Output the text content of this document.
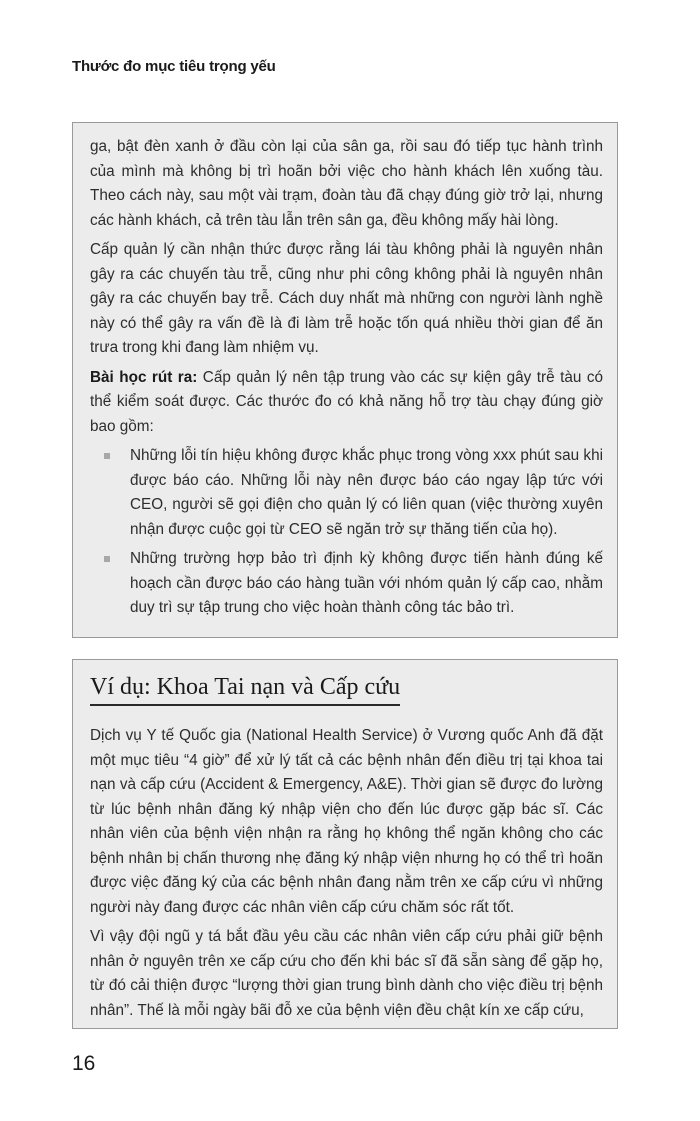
Thước đo mục tiêu trọng yếu

ga, bật đèn xanh ở đầu còn lại của sân ga, rồi sau đó tiếp tục hành trình của mình mà không bị trì hoãn bởi việc cho hành khách lên xuống tàu. Theo cách này, sau một vài trạm, đoàn tàu đã chạy đúng giờ trở lại, nhưng các hành khách, cả trên tàu lẫn trên sân ga, đều không mấy hài lòng.

Cấp quản lý cần nhận thức được rằng lái tàu không phải là nguyên nhân gây ra các chuyến tàu trễ, cũng như phi công không phải là nguyên nhân gây ra các chuyến bay trễ. Cách duy nhất mà những con người lành nghề này có thể gây ra vấn đề là đi làm trễ hoặc tốn quá nhiều thời gian để ăn trưa trong khi đang làm nhiệm vụ.

Bài học rút ra: Cấp quản lý nên tập trung vào các sự kiện gây trễ tàu có thể kiểm soát được. Các thước đo có khả năng hỗ trợ tàu chạy đúng giờ bao gồm:

Những lỗi tín hiệu không được khắc phục trong vòng xxx phút sau khi được báo cáo. Những lỗi này nên được báo cáo ngay lập tức với CEO, người sẽ gọi điện cho quản lý có liên quan (việc thường xuyên nhận được cuộc gọi từ CEO sẽ ngăn trở sự thăng tiến của họ).
Những trường hợp bảo trì định kỳ không được tiến hành đúng kế hoạch cần được báo cáo hàng tuần với nhóm quản lý cấp cao, nhằm duy trì sự tập trung cho việc hoàn thành công tác bảo trì.
Ví dụ: Khoa Tai nạn và Cấp cứu

Dịch vụ Y tế Quốc gia (National Health Service) ở Vương quốc Anh đã đặt một mục tiêu “4 giờ” để xử lý tất cả các bệnh nhân đến điều trị tại khoa tai nạn và cấp cứu (Accident & Emergency, A&E). Thời gian sẽ được đo lường từ lúc bệnh nhân đăng ký nhập viện cho đến lúc được gặp bác sĩ. Các nhân viên của bệnh viện nhận ra rằng họ không thể ngăn không cho các bệnh nhân bị chấn thương nhẹ đăng ký nhập viện nhưng họ có thể trì hoãn được việc đăng ký của các bệnh nhân đang nằm trên xe cấp cứu vì những người này đang được các nhân viên cấp cứu chăm sóc rất tốt.

Vì vậy đội ngũ y tá bắt đầu yêu cầu các nhân viên cấp cứu phải giữ bệnh nhân ở nguyên trên xe cấp cứu cho đến khi bác sĩ đã sẵn sàng để gặp họ, từ đó cải thiện được “lượng thời gian trung bình dành cho việc điều trị bệnh nhân”. Thế là mỗi ngày bãi đỗ xe của bệnh viện đều chật kín xe cấp cứu,

16
